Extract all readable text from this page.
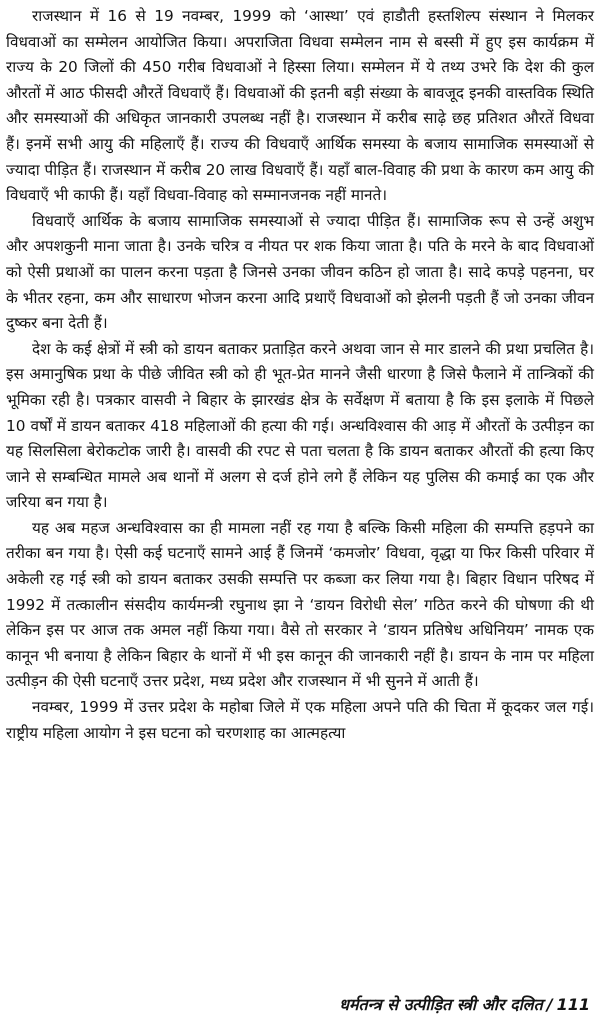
राजस्थान में 16 से 19 नवम्बर, 1999 को ‘आस्था’ एवं हाडौती हस्तशिल्प संस्थान ने मिलकर विधवाओं का सम्मेलन आयोजित किया। अपराजिता विधवा सम्मेलन नाम से बस्सी में हुए इस कार्यक्रम में राज्य के 20 जिलों की 450 गरीब विधवाओं ने हिस्सा लिया। सम्मेलन में ये तथ्य उभरे कि देश की कुल औरतों में आठ फीसदी औरतें विधवाएँ हैं। विधवाओं की इतनी बड़ी संख्या के बावजूद इनकी वास्तविक स्थिति और समस्याओं की अधिकृत जानकारी उपलब्ध नहीं है। राजस्थान में करीब साढ़े छह प्रतिशत औरतें विधवा हैं। इनमें सभी आयु की महिलाएँ हैं। राज्य की विधवाएँ आर्थिक समस्या के बजाय सामाजिक समस्याओं से ज्यादा पीड़ित हैं। राजस्थान में करीब 20 लाख विधवाएँ हैं। यहाँ बाल-विवाह की प्रथा के कारण कम आयु की विधवाएँ भी काफी हैं। यहाँ विधवा-विवाह को सम्मानजनक नहीं मानते।

विधवाएँ आर्थिक के बजाय सामाजिक समस्याओं से ज्यादा पीड़ित हैं। सामाजिक रूप से उन्हें अशुभ और अपशकुनी माना जाता है। उनके चरित्र व नीयत पर शक किया जाता है। पति के मरने के बाद विधवाओं को ऐसी प्रथाओं का पालन करना पड़ता है जिनसे उनका जीवन कठिन हो जाता है। सादे कपड़े पहनना, घर के भीतर रहना, कम और साधारण भोजन करना आदि प्रथाएँ विधवाओं को झेलनी पड़ती हैं जो उनका जीवन दुष्कर बना देती हैं।

देश के कई क्षेत्रों में स्त्री को डायन बताकर प्रताड़ित करने अथवा जान से मार डालने की प्रथा प्रचलित है। इस अमानुषिक प्रथा के पीछे जीवित स्त्री को ही भूत-प्रेत मानने जैसी धारणा है जिसे फैलाने में तान्त्रिकों की भूमिका रही है। पत्रकार वासवी ने बिहार के झारखंड क्षेत्र के सर्वेक्षण में बताया है कि इस इलाके में पिछले 10 वर्षों में डायन बताकर 418 महिलाओं की हत्या की गई। अन्धविश्वास की आड़ में औरतों के उत्पीड़न का यह सिलसिला बेरोकटोक जारी है। वासवी की रपट से पता चलता है कि डायन बताकर औरतों की हत्या किए जाने से सम्बन्धित मामले अब थानों में अलग से दर्ज होने लगे हैं लेकिन यह पुलिस की कमाई का एक और जरिया बन गया है।

यह अब महज अन्धविश्वास का ही मामला नहीं रह गया है बल्कि किसी महिला की सम्पत्ति हड़पने का तरीका बन गया है। ऐसी कई घटनाएँ सामने आई हैं जिनमें ‘कमजोर’ विधवा, वृद्धा या फिर किसी परिवार में अकेली रह गई स्त्री को डायन बताकर उसकी सम्पत्ति पर कब्जा कर लिया गया है। बिहार विधान परिषद में 1992 में तत्कालीन संसदीय कार्यमन्त्री रघुनाथ झा ने ‘डायन विरोधी सेल’ गठित करने की घोषणा की थी लेकिन इस पर आज तक अमल नहीं किया गया। वैसे तो सरकार ने ‘डायन प्रतिषेध अधिनियम’ नामक एक कानून भी बनाया है लेकिन बिहार के थानों में भी इस कानून की जानकारी नहीं है। डायन के नाम पर महिला उत्पीड़न की ऐसी घटनाएँ उत्तर प्रदेश, मध्य प्रदेश और राजस्थान में भी सुनने में आती हैं।

नवम्बर, 1999 में उत्तर प्रदेश के महोबा जिले में एक महिला अपने पति की चिता में कूदकर जल गई। राष्ट्रीय महिला आयोग ने इस घटना को चरणशाह का आत्महत्या

धर्मतन्त्र से उत्पीड़ित स्त्री और दलित / 111
